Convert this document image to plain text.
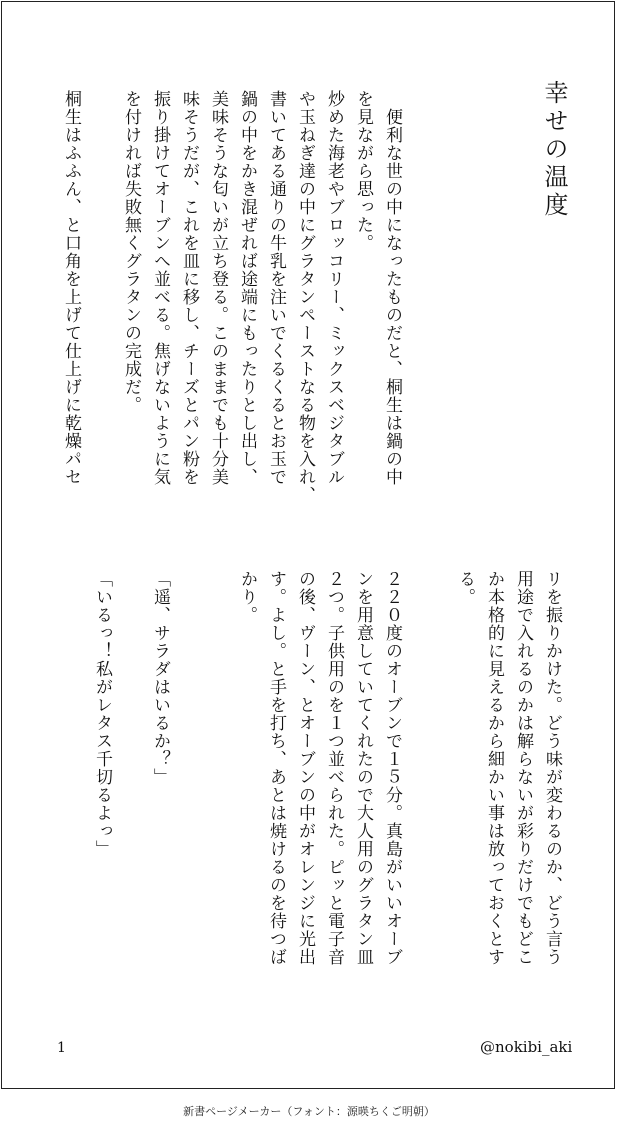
幸せの温度
　便利な世の中になったものだと、桐生は鍋の中
を見ながら思った。
炒めた海老やブロッコリー、ミックスベジタブル
や玉ねぎ達の中にグラタンペーストなる物を入れ、
書いてある通りの牛乳を注いでくるくるとお玉で
鍋の中をかき混ぜれば途端にもったりとし出し、
美味そうな匂いが立ち登る。このままでも十分美
味そうだが、これを皿に移し、チーズとパン粉を
振り掛けてオーブンへ並べる。焦げないように気
を付ければ失敗無くグラタンの完成だ。
桐生はふふん、と口角を上げて仕上げに乾燥パセ
リを振りかけた。どう味が変わるのか、どう言う
用途で入れるのかは解らないが彩りだけでもどこ
か本格的に見えるから細かい事は放っておくとす
る。
２２０度のオーブンで１５分。真島がいいオーブ
ンを用意していてくれたので大人用のグラタン皿
２つ。子供用のを１つ並べられた。ピッと電子音
の後、ヴーン、とオーブンの中がオレンジに光出
す。よし。と手を打ち、あとは焼けるのを待つば
かり。
「遥、サラダはいるか？」
「いるっ！私がレタス千切るよっ」
1	@nokibi_aki
新書ページメーカー（フォント：源暎ちくご明朝）
